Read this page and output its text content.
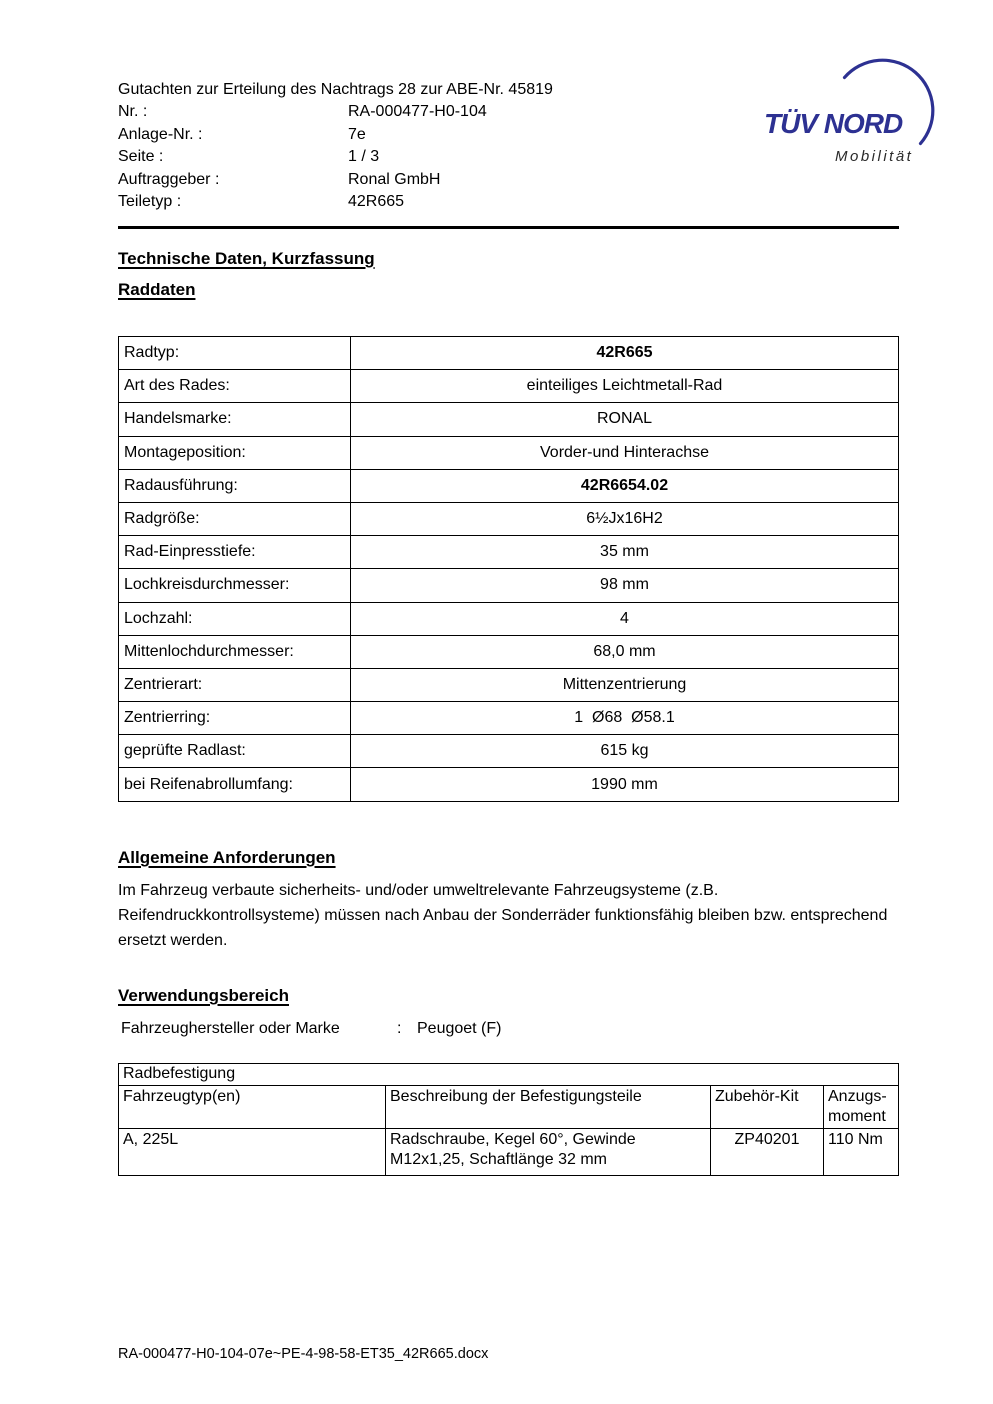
Gutachten zur Erteilung des Nachtrags 28 zur ABE-Nr. 45819
Nr. :	RA-000477-H0-104
Anlage-Nr. :	7e
Seite :	1 / 3
Auftraggeber :	Ronal GmbH
Teiletyp :	42R665
TÜV NORD
Mobilität
Technische Daten, Kurzfassung
Raddaten
Radtyp:	42R665
Art des Rades:	einteiliges Leichtmetall-Rad
Handelsmarke:	RONAL
Montageposition:	Vorder-und Hinterachse
Radausführung:	42R6654.02
Radgröße:	6½Jx16H2
Rad-Einpresstiefe:	35 mm
Lochkreisdurchmesser:	98 mm
Lochzahl:	4
Mittenlochdurchmesser:	68,0 mm
Zentrierart:	Mittenzentrierung
Zentrierring:	1  Ø68  Ø58.1
geprüfte Radlast:	615 kg
bei Reifenabrollumfang:	1990 mm
Allgemeine Anforderungen
Im Fahrzeug verbaute sicherheits- und/oder umweltrelevante Fahrzeugsysteme (z.B. Reifendruckkontrollsysteme) müssen nach Anbau der Sonderräder funktionsfähig bleiben bzw. entsprechend ersetzt werden.
Verwendungsbereich
Fahrzeughersteller oder Marke	: Peugoet (F)
Radbefestigung			
Fahrzeugtyp(en)	Beschreibung der Befestigungsteile	Zubehör-Kit	Anzugs-moment
A, 225L	Radschraube, Kegel 60°, Gewinde M12x1,25, Schaftlänge 32 mm	ZP40201	110 Nm
RA-000477-H0-104-07e~PE-4-98-58-ET35_42R665.docx
